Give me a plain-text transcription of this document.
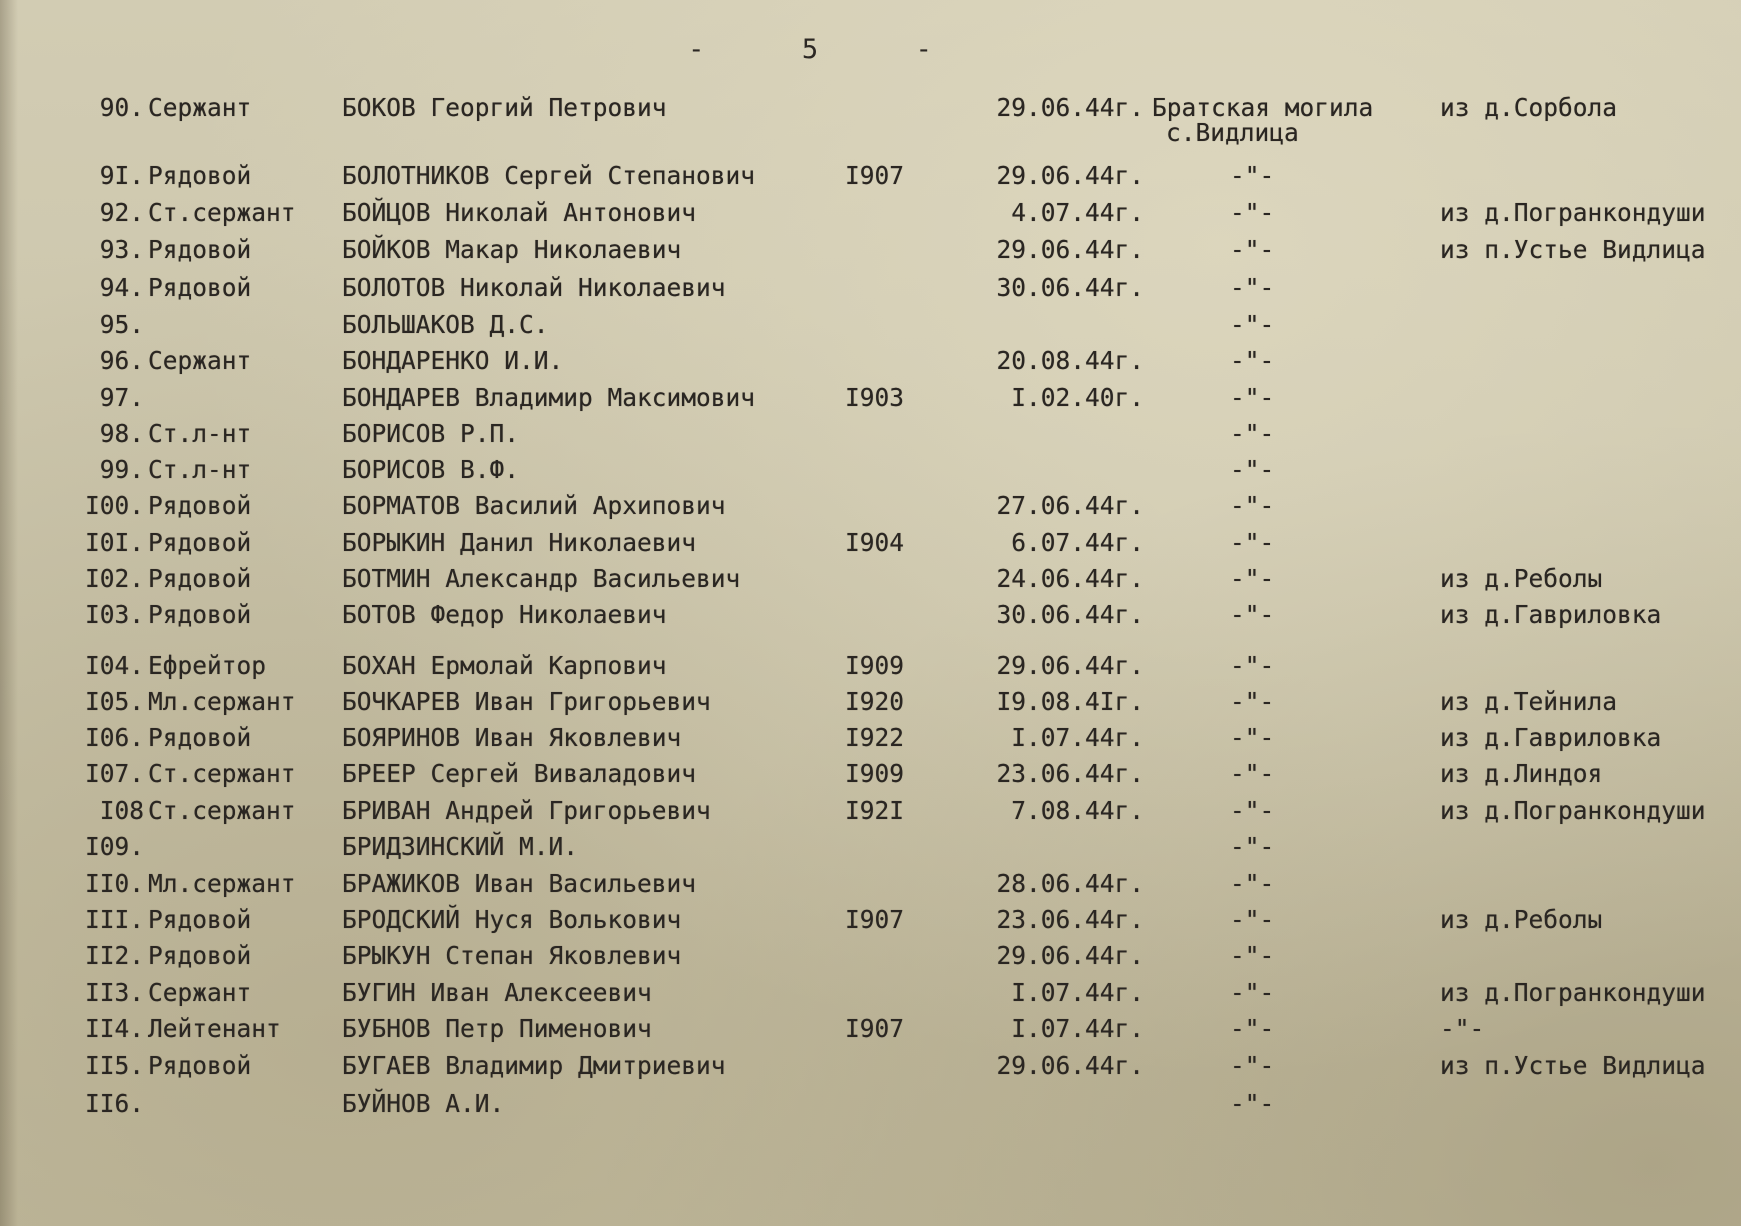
-      5      -
90. Сержант	БОКОВ Георгий Петрович	29.06.44г. Братская могила	из д.Сорбола
с.Видлица
9I. Рядовой	БОЛОТНИКОВ Сергей Степанович	I907	29.06.44г.	-"-
92. Ст.сержант БОЙЦОВ Николай Антонович	4.07.44г.	-"-	из д.Погранкондуши
93. Рядовой	БОЙКОВ Макар Николаевич	29.06.44г.	-"-	из п.Устье Видлица
94. Рядовой	БОЛОТОВ Николай Николаевич	30.06.44г.	-"-
95.	БОЛЬШАКОВ Д.С.	-"-
96. Сержант	БОНДАРЕНКО И.И.	20.08.44г.	-"-
97.	БОНДАРЕВ Владимир Максимович	I903	I.02.40г.	-"-
98. Ст.л-нт	БОРИСОВ Р.П.	-"-
99. Ст.л-нт	БОРИСОВ В.Ф.	-"-
I00. Рядовой	БОРМАТОВ Василий Архипович	27.06.44г.	-"-
I0I. Рядовой	БОРЫКИН Данил Николаевич	I904	6.07.44г.	-"-
I02. Рядовой	БОТМИН Александр Васильевич	24.06.44г.	-"-	из д.Реболы
I03. Рядовой	БОТОВ Федор Николаевич	30.06.44г.	-"-	из д.Гавриловка
I04. Ефрейтор	БОХАН Ермолай Карпович	I909	29.06.44г.	-"-
I05. Мл.сержант БОЧКАРЕВ Иван Григорьевич	I920	I9.08.4Iг.	-"-	из д.Тейнила
I06. Рядовой	БОЯРИНОВ Иван Яковлевич	I922	I.07.44г.	-"-	из д.Гавриловка
I07. Ст.сержант БРЕЕР Сергей Виваладович	I909	23.06.44г.	-"-	из д.Линдоя
I08 Ст.сержант БРИВАН Андрей Григорьевич	I92I	7.08.44г.	-"-	из д.Погранкондуши
I09.	БРИДЗИНСКИЙ М.И.	-"-
II0. Мл.сержант БРАЖИКОВ Иван Васильевич	28.06.44г.	-"-
III. Рядовой	БРОДСКИЙ Нуся Волькович	I907	23.06.44г.	-"-	из д.Реболы
II2. Рядовой	БРЫКУН Степан Яковлевич	29.06.44г.	-"-
II3. Сержант	БУГИН Иван Алексеевич	I.07.44г.	-"-	из д.Погранкондуши
II4. Лейтенант БУБНОВ Петр Пименович	I907	I.07.44г.	-"-	-"-
II5. Рядовой	БУГАЕВ Владимир Дмитриевич	29.06.44г.	-"-	из п.Устье Видлица
II6.	БУЙНОВ А.И.	-"-
